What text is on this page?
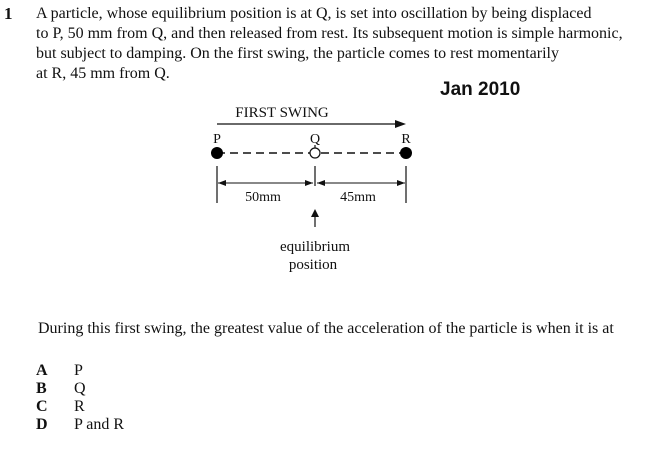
1 A particle, whose equilibrium position is at Q, is set into oscillation by being displaced
to P, 50 mm from Q, and then released from rest. Its subsequent motion is simple harmonic,
but subject to damping. On the first swing, the particle comes to rest momentarily
at R, 45 mm from Q.
Jan 2010
FIRST SWING
P	Q	R
50mm	45mm
equilibrium
position
During this first swing, the greatest value of the acceleration of the particle is when it is at
A P
B Q
C R
D P and R
